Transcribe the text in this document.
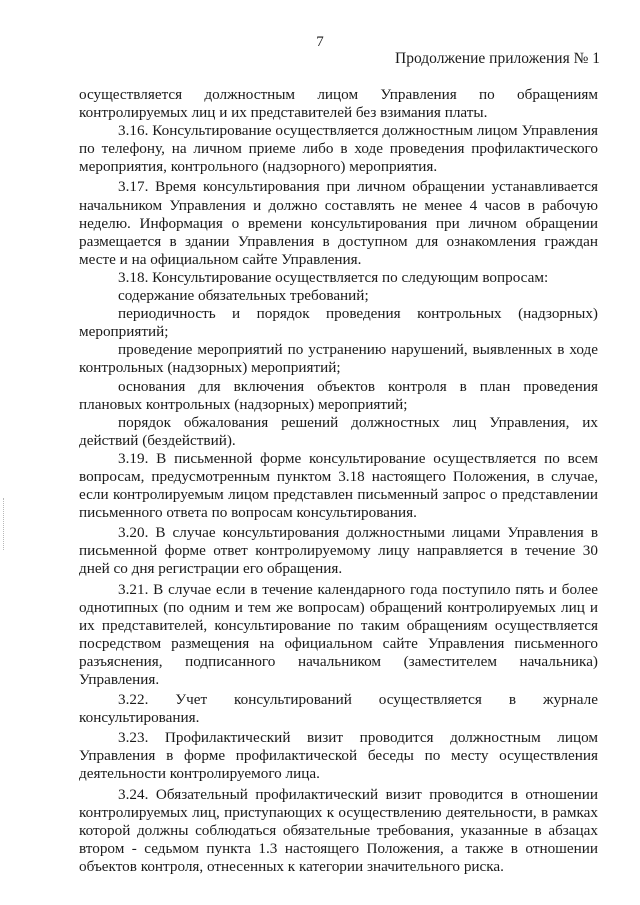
7
Продолжение приложения № 1

осуществляется должностным лицом Управления по обращениям контролируемых лиц и их представителей без взимания платы.

3.16. Консультирование осуществляется должностным лицом Управления по телефону, на личном приеме либо в ходе проведения профилактического мероприятия, контрольного (надзорного) мероприятия.

3.17. Время консультирования при личном обращении устанавливается начальником Управления и должно составлять не менее 4 часов в рабочую неделю. Информация о времени консультирования при личном обращении размещается в здании Управления в доступном для ознакомления граждан месте и на официальном сайте Управления.

3.18. Консультирование осуществляется по следующим вопросам:

содержание обязательных требований;

периодичность и порядок проведения контрольных (надзорных) мероприятий;

проведение мероприятий по устранению нарушений, выявленных в ходе контрольных (надзорных) мероприятий;

основания для включения объектов контроля в план проведения плановых контрольных (надзорных) мероприятий;

порядок обжалования решений должностных лиц Управления, их действий (бездействий).

3.19. В письменной форме консультирование осуществляется по всем вопросам, предусмотренным пунктом 3.18 настоящего Положения, в случае, если контролируемым лицом представлен письменный запрос о представлении письменного ответа по вопросам консультирования.

3.20. В случае консультирования должностными лицами Управления в письменной форме ответ контролируемому лицу направляется в течение 30 дней со дня регистрации его обращения.

3.21. В случае если в течение календарного года поступило пять и более однотипных (по одним и тем же вопросам) обращений контролируемых лиц и их представителей, консультирование по таким обращениям осуществляется посредством размещения на официальном сайте Управления письменного разъяснения, подписанного начальником (заместителем начальника) Управления.

3.22. Учет консультирований осуществляется в журнале консультирования.

3.23. Профилактический визит проводится должностным лицом Управления в форме профилактической беседы по месту осуществления деятельности контролируемого лица.

3.24. Обязательный профилактический визит проводится в отношении контролируемых лиц, приступающих к осуществлению деятельности, в рамках которой должны соблюдаться обязательные требования, указанные в абзацах втором - седьмом пункта 1.3 настоящего Положения, а также в отношении объектов контроля, отнесенных к категории значительного риска.
